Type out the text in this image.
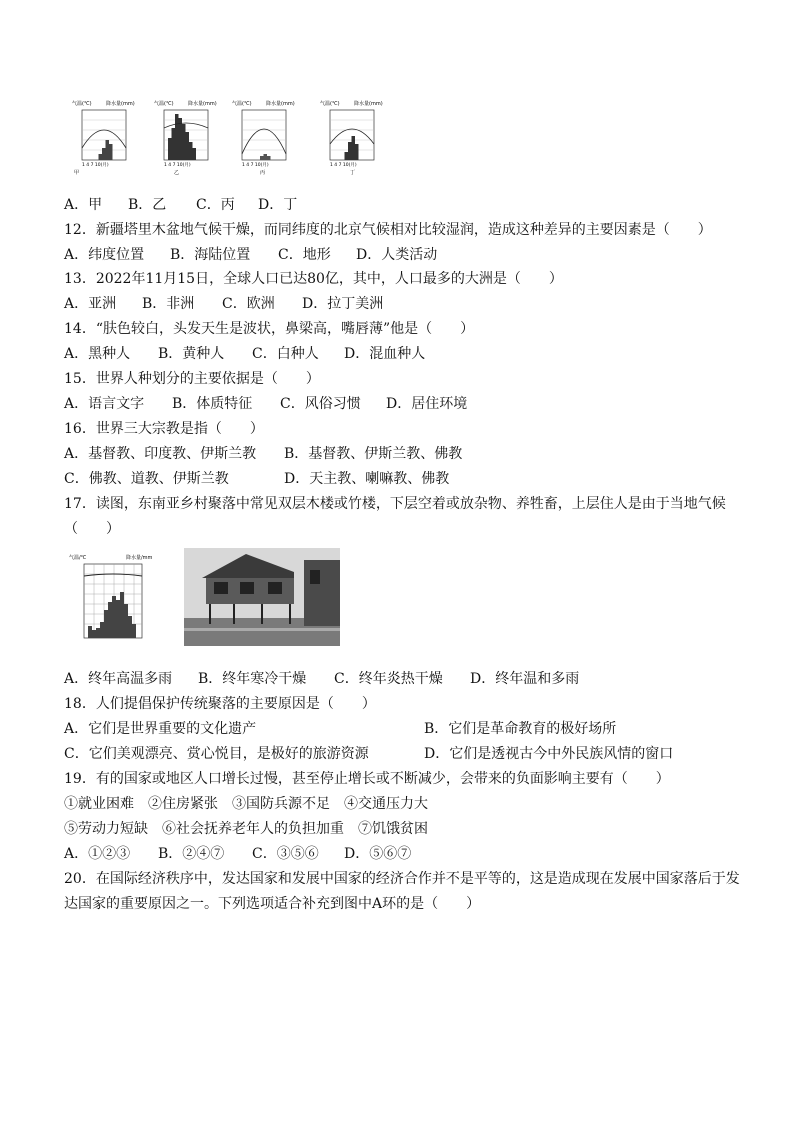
气温(℃)	降水量(mm)
1 4 7 10(月)
甲
气温(℃)	降水量(mm)
1 4 7 10(月)
乙
气温(℃)	降水量(mm)
1 4 7 10(月)
丙
气温(℃)	降水量(mm)
1 4 7 10(月)
丁
A．甲 B．乙 C．丙 D．丁
12．新疆塔里木盆地气候干燥，而同纬度的北京气候相对比较湿润，造成这种差异的主要因素是（　　）
A．纬度位置 B．海陆位置 C．地形 D．人类活动
13．2022年11月15日，全球人口已达80亿，其中，人口最多的大洲是（　　）
A．亚洲 B．非洲 C．欧洲 D．拉丁美洲
14．“肤色较白，头发天生是波状，鼻梁高，嘴唇薄”他是（　　）
A．黑种人 B．黄种人 C．白种人 D．混血种人
15．世界人种划分的主要依据是（　　）
A．语言文字 B．体质特征 C．风俗习惯 D．居住环境
16．世界三大宗教是指（　　）
A．基督教、印度教、伊斯兰教 B．基督教、伊斯兰教、佛教
C．佛教、道教、伊斯兰教	D．天主教、喇嘛教、佛教
17．读图，东南亚乡村聚落中常见双层木楼或竹楼，下层空着或放杂物、养牲畜，上层住人是由于当地气候
（　　）
气温/℃	降水量/mm
A．终年高温多雨 B．终年寒冷干燥 C．终年炎热干燥 D．终年温和多雨
18．人们提倡保护传统聚落的主要原因是（　　）
A．它们是世界重要的文化遗产	B．它们是革命教育的极好场所
C．它们美观漂亮、赏心悦目，是极好的旅游资源	D．它们是透视古今中外民族风情的窗口
19．有的国家或地区人口增长过慢，甚至停止增长或不断减少，会带来的负面影响主要有（　　）
①就业困难　②住房紧张　③国防兵源不足　④交通压力大
⑤劳动力短缺　⑥社会抚养老年人的负担加重　⑦饥饿贫困
A．①②③ B．②④⑦ C．③⑤⑥ D．⑤⑥⑦
20．在国际经济秩序中，发达国家和发展中国家的经济合作并不是平等的，这是造成现在发展中国家落后于发
达国家的重要原因之一。下列选项适合补充到图中A环的是（　　）
